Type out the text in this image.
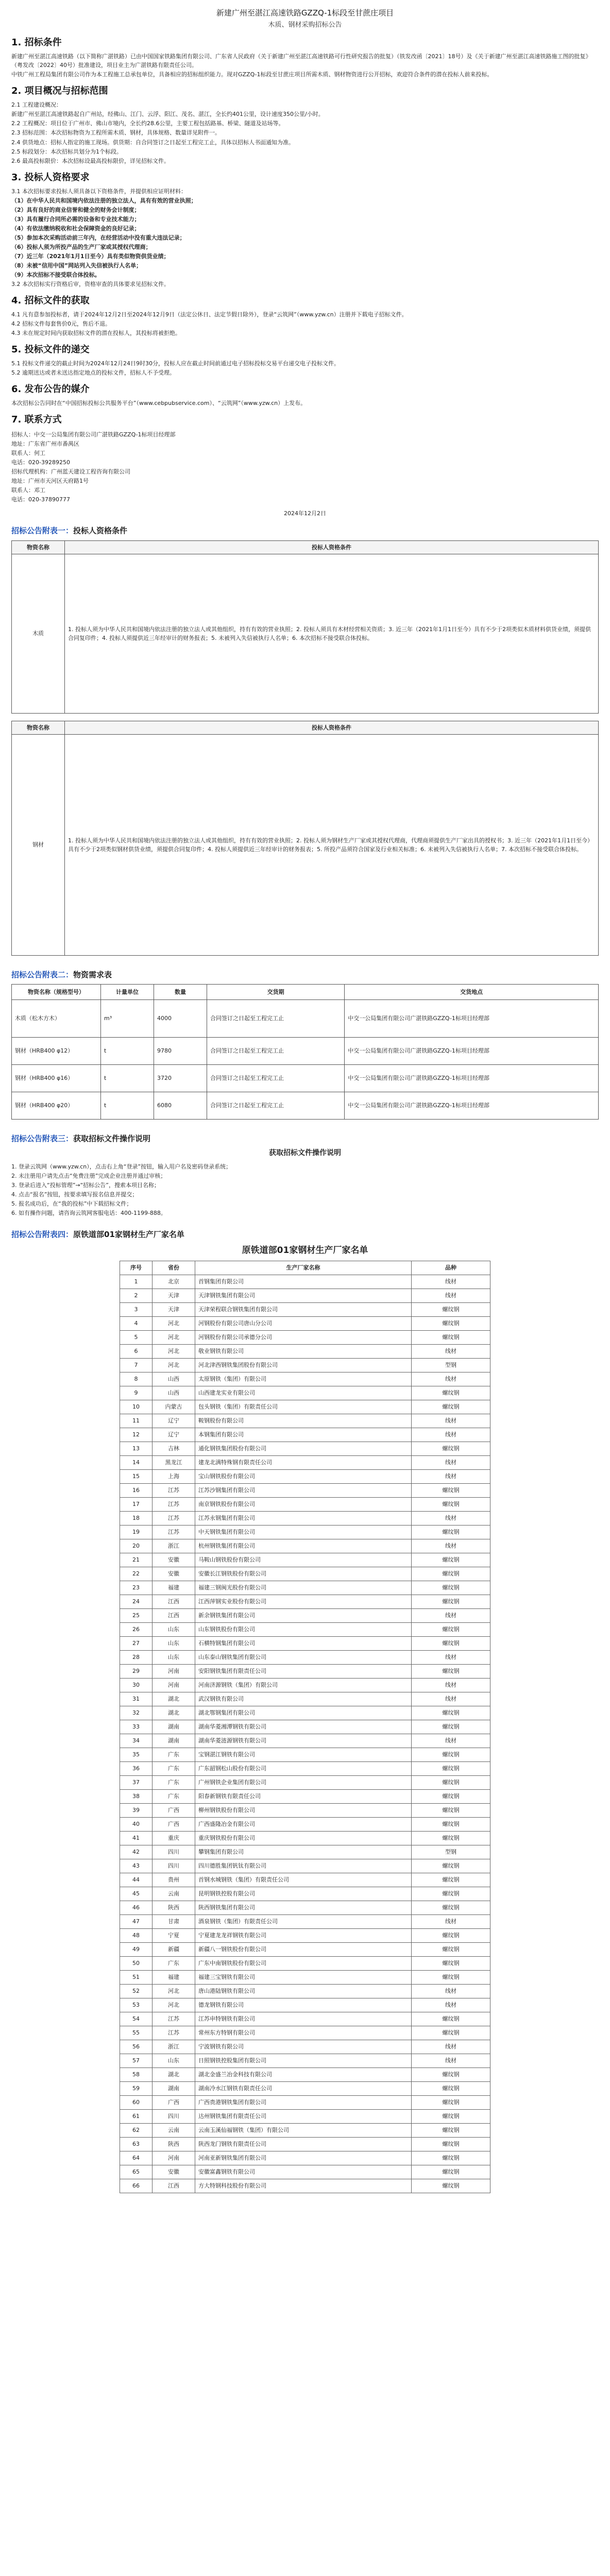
新建广州至湛江高速铁路GZZQ-1标段至甘蔗庄项目
木质、钢材采购招标公告
1. 招标条件

新建广州至湛江高速铁路（以下简称广湛铁路）已由中国国家铁路集团有限公司、广东省人民政府（关于新建广州至湛江高速铁路可行性研究报告的批复）（铁发改函〔2021〕18号）及《关于新建广州至湛江高速铁路施工图的批复》（粤发改〔2022〕40号）批准建设，项目业主为广湛铁路有限责任公司。

中铁广州工程局集团有限公司作为本工程施工总承包单位，具备相应的招标组织能力。现对GZZQ-1标段至甘蔗庄项目所需木质、钢材物资进行公开招标，欢迎符合条件的潜在投标人前来投标。

2. 项目概况与招标范围

2.1 工程建设概况：

新建广州至湛江高速铁路起自广州站，经佛山、江门、云浮、阳江、茂名、湛江，全长约401公里，设计速度350公里/小时。

2.2 工程概况：项目位于广州市、佛山市境内，全长约28.6公里，主要工程包括路基、桥梁、隧道及站场等。

2.3 招标范围：本次招标物资为工程所需木质、钢材，具体规格、数量详见附件一。

2.4 供货地点：招标人指定的施工现场。供货期：自合同签订之日起至工程完工止，具体以招标人书面通知为准。

2.5 标段划分：本次招标共划分为1个标段。

2.6 最高投标限价：本次招标设最高投标限价，详见招标文件。

3. 投标人资格要求

3.1 本次招标要求投标人须具备以下资格条件，并提供相应证明材料：

（1）在中华人民共和国境内依法注册的独立法人，具有有效的营业执照；

（2）具有良好的商业信誉和健全的财务会计制度；

（3）具有履行合同所必需的设备和专业技术能力；

（4）有依法缴纳税收和社会保障资金的良好记录；

（5）参加本次采购活动前三年内，在经营活动中没有重大违法记录；

（6）投标人须为所投产品的生产厂家或其授权代理商；

（7）近三年（2021年1月1日至今）具有类似物资供货业绩；

（8）未被“信用中国”网站列入失信被执行人名单；

（9）本次招标不接受联合体投标。

3.2 本次招标实行资格后审，资格审查的具体要求见招标文件。

4. 招标文件的获取

4.1 凡有意参加投标者，请于2024年12月2日至2024年12月9日（法定公休日、法定节假日除外），登录“云筑网”（www.yzw.cn）注册并下载电子招标文件。

4.2 招标文件每套售价0元，售后不退。

4.3 未在规定时间内获取招标文件的潜在投标人，其投标将被拒绝。

5. 投标文件的递交

5.1 投标文件递交的截止时间为2024年12月24日9时30分，投标人应在截止时间前通过电子招标投标交易平台递交电子投标文件。

5.2 逾期送达或者未送达指定地点的投标文件，招标人不予受理。

6. 发布公告的媒介

本次招标公告同时在“中国招标投标公共服务平台”（www.cebpubservice.com）、“云筑网”（www.yzw.cn）上发布。

7. 联系方式

招标人：中交一公局集团有限公司广湛铁路GZZQ-1标项目经理部

地址：广东省广州市番禺区

联系人：何工

电话：020-39289250

招标代理机构：广州蓝天建设工程咨询有限公司

地址：广州市天河区天府路1号

联系人：邓工

电话：020-37890777

2024年12月2日
招标公告附表一：投标人资格条件
物资名称	投标人资格条件
木质	1. 投标人须为中华人民共和国境内依法注册的独立法人或其他组织，持有有效的营业执照；2. 投标人须具有木材经营相关资质；3. 近三年（2021年1月1日至今）具有不少于2项类似木质材料供货业绩，须提供合同复印件；4. 投标人须提供近三年经审计的财务报表；5. 未被列入失信被执行人名单；6. 本次招标不接受联合体投标。
物资名称	投标人资格条件
钢材	1. 投标人须为中华人民共和国境内依法注册的独立法人或其他组织，持有有效的营业执照；2. 投标人须为钢材生产厂家或其授权代理商，代理商须提供生产厂家出具的授权书；3. 近三年（2021年1月1日至今）具有不少于2项类似钢材供货业绩，须提供合同复印件；4. 投标人须提供近三年经审计的财务报表；5. 所投产品须符合国家及行业相关标准；6. 未被列入失信被执行人名单；7. 本次招标不接受联合体投标。
招标公告附表二：物资需求表
物资名称（规格型号）	计量单位	数量	交货期	交货地点
木质（松木方木）	m³	4000	合同签订之日起至工程完工止	中交一公局集团有限公司广湛铁路GZZQ-1标项目经理部
钢材（HRB400 φ12）	t	9780	合同签订之日起至工程完工止	中交一公局集团有限公司广湛铁路GZZQ-1标项目经理部
钢材（HRB400 φ16）	t	3720	合同签订之日起至工程完工止	中交一公局集团有限公司广湛铁路GZZQ-1标项目经理部
钢材（HRB400 φ20）	t	6080	合同签订之日起至工程完工止	中交一公局集团有限公司广湛铁路GZZQ-1标项目经理部
招标公告附表三：获取招标文件操作说明
获取招标文件操作说明

1. 登录云筑网（www.yzw.cn），点击右上角“登录”按钮，输入用户名及密码登录系统；

2. 未注册用户请先点击“免费注册”完成企业注册并通过审核；

3. 登录后进入“投标管理”→“招标公告”，搜索本项目名称；

4. 点击“报名”按钮，按要求填写报名信息并提交；

5. 报名成功后，在“我的投标”中下载招标文件；

6. 如有操作问题，请咨询云筑网客服电话：400-1199-888。

招标公告附表四：原铁道部01家钢材生产厂家名单
原铁道部01家钢材生产厂家名单
序号	省份	生产厂家名称	品种
1	北京	首钢集团有限公司	线材
2	天津	天津钢铁集团有限公司	线材
3	天津	天津荣程联合钢铁集团有限公司	螺纹钢
4	河北	河钢股份有限公司唐山分公司	螺纹钢
5	河北	河钢股份有限公司承德分公司	螺纹钢
6	河北	敬业钢铁有限公司	线材
7	河北	河北津西钢铁集团股份有限公司	型钢
8	山西	太原钢铁（集团）有限公司	线材
9	山西	山西建龙实业有限公司	螺纹钢
10	内蒙古	包头钢铁（集团）有限责任公司	螺纹钢
11	辽宁	鞍钢股份有限公司	线材
12	辽宁	本钢集团有限公司	线材
13	吉林	通化钢铁集团股份有限公司	螺纹钢
14	黑龙江	建龙北满特殊钢有限责任公司	线材
15	上海	宝山钢铁股份有限公司	线材
16	江苏	江苏沙钢集团有限公司	螺纹钢
17	江苏	南京钢铁股份有限公司	螺纹钢
18	江苏	江苏永钢集团有限公司	线材
19	江苏	中天钢铁集团有限公司	螺纹钢
20	浙江	杭州钢铁集团有限公司	线材
21	安徽	马鞍山钢铁股份有限公司	螺纹钢
22	安徽	安徽长江钢铁股份有限公司	螺纹钢
23	福建	福建三钢闽光股份有限公司	螺纹钢
24	江西	江西萍钢实业股份有限公司	螺纹钢
25	江西	新余钢铁集团有限公司	线材
26	山东	山东钢铁股份有限公司	螺纹钢
27	山东	石横特钢集团有限公司	螺纹钢
28	山东	山东泰山钢铁集团有限公司	线材
29	河南	安阳钢铁集团有限责任公司	螺纹钢
30	河南	河南济源钢铁（集团）有限公司	线材
31	湖北	武汉钢铁有限公司	线材
32	湖北	湖北鄂钢集团有限公司	螺纹钢
33	湖南	湖南华菱湘潭钢铁有限公司	螺纹钢
34	湖南	湖南华菱涟源钢铁有限公司	线材
35	广东	宝钢湛江钢铁有限公司	螺纹钢
36	广东	广东韶钢松山股份有限公司	螺纹钢
37	广东	广州钢铁企业集团有限公司	螺纹钢
38	广东	阳春新钢铁有限责任公司	螺纹钢
39	广西	柳州钢铁股份有限公司	螺纹钢
40	广西	广西盛隆冶金有限公司	螺纹钢
41	重庆	重庆钢铁股份有限公司	螺纹钢
42	四川	攀钢集团有限公司	型钢
43	四川	四川德胜集团钒钛有限公司	螺纹钢
44	贵州	首钢水城钢铁（集团）有限责任公司	螺纹钢
45	云南	昆明钢铁控股有限公司	螺纹钢
46	陕西	陕西钢铁集团有限公司	螺纹钢
47	甘肃	酒泉钢铁（集团）有限责任公司	线材
48	宁夏	宁夏建龙龙祥钢铁有限公司	螺纹钢
49	新疆	新疆八一钢铁股份有限公司	螺纹钢
50	广东	广东中南钢铁股份有限公司	螺纹钢
51	福建	福建三宝钢铁有限公司	螺纹钢
52	河北	唐山港陆钢铁有限公司	线材
53	河北	德龙钢铁有限公司	线材
54	江苏	江苏申特钢铁有限公司	螺纹钢
55	江苏	常州东方特钢有限公司	螺纹钢
56	浙江	宁波钢铁有限公司	线材
57	山东	日照钢铁控股集团有限公司	线材
58	湖北	湖北金盛兰冶金科技有限公司	螺纹钢
59	湖南	湖南冷水江钢铁有限责任公司	螺纹钢
60	广西	广西贵港钢铁集团有限公司	螺纹钢
61	四川	达州钢铁集团有限责任公司	螺纹钢
62	云南	云南玉溪仙福钢铁（集团）有限公司	螺纹钢
63	陕西	陕西龙门钢铁有限责任公司	螺纹钢
64	河南	河南亚新钢铁集团有限公司	螺纹钢
65	安徽	安徽富鑫钢铁有限公司	螺纹钢
66	江西	方大特钢科技股份有限公司	螺纹钢
